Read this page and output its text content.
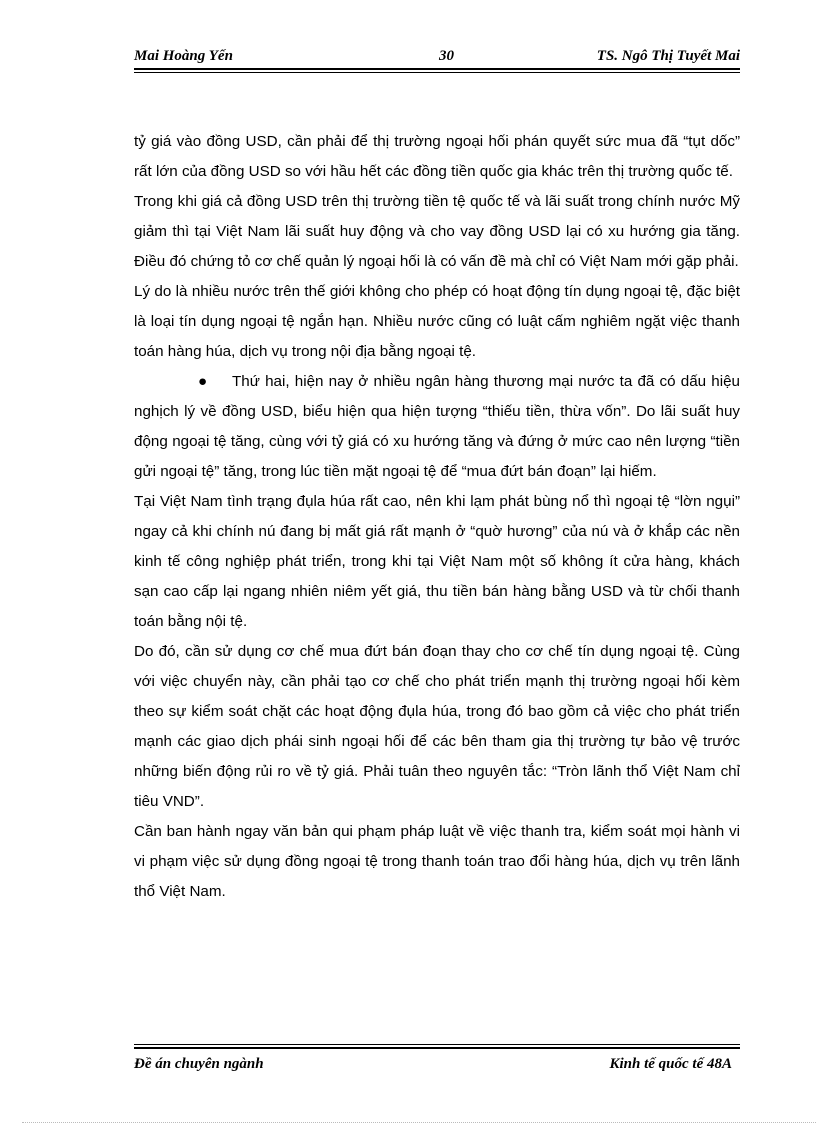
Mai Hoàng Yến	30	TS. Ngô Thị Tuyết Mai

tỷ giá vào đồng USD, cần phải để thị trường ngoại hối phán quyết sức mua đã “tụt dốc” rất lớn của đồng USD so với hầu hết các đồng tiền quốc gia khác trên thị trường quốc tế.

Trong khi giá cả đồng USD trên thị trường tiền tệ quốc tế và lãi suất trong chính nước Mỹ giảm thì tại Việt Nam lãi suất huy động và cho vay đồng USD lại có xu hướng gia tăng. Điều đó chứng tỏ cơ chế quản lý ngoại hối là có vấn đề mà chỉ có Việt Nam mới gặp phải.

Lý do là nhiều nước trên thế giới không cho phép có hoạt động tín dụng ngoại tệ, đặc biệt là loại tín dụng ngoại tệ ngắn hạn. Nhiều nước cũng có luật cấm nghiêm ngặt việc thanh toán hàng húa, dịch vụ trong nội địa bằng ngoại tệ.

● Thứ hai, hiện nay ở nhiều ngân hàng thương mại nước ta đã có dấu hiệu nghịch lý về đồng USD, biểu hiện qua hiện tượng “thiếu tiền, thừa vốn”. Do lãi suất huy động ngoại tệ tăng, cùng với tỷ giá có xu hướng tăng và đứng ở mức cao nên lượng “tiền gửi ngoại tệ” tăng, trong lúc tiền mặt ngoại tệ để “mua đứt bán đoạn” lại hiếm.

Tại Việt Nam tình trạng đụla húa rất cao, nên khi lạm phát bùng nổ thì ngoại tệ “lờn ngụi” ngay cả khi chính nú đang bị mất giá rất mạnh ở “quờ hương” của nú và ở khắp các nền kinh tế công nghiệp phát triển, trong khi tại Việt Nam một số không ít cửa hàng, khách sạn cao cấp lại ngang nhiên niêm yết giá, thu tiền bán hàng bằng USD và từ chối thanh toán bằng nội tệ.

Do đó, cần sử dụng cơ chế mua đứt bán đoạn thay cho cơ chế tín dụng ngoại tệ. Cùng với việc chuyển này, cần phải tạo cơ chế cho phát triển mạnh thị trường ngoại hối kèm theo sự kiểm soát chặt các hoạt động đụla húa, trong đó bao gồm cả việc cho phát triển mạnh các giao dịch phái sinh ngoại hối để các bên tham gia thị trường tự bảo vệ trước những biến động rủi ro về tỷ giá. Phải tuân theo nguyên tắc: “Tròn lãnh thổ Việt Nam chỉ tiêu VND”.

Cần ban hành ngay văn bản qui phạm pháp luật về việc thanh tra, kiểm soát mọi hành vi vi phạm việc sử dụng đồng ngoại tệ trong thanh toán trao đổi hàng húa, dịch vụ trên lãnh thổ Việt Nam.

Đề án chuyên ngành	Kinh tế quốc tế 48A
